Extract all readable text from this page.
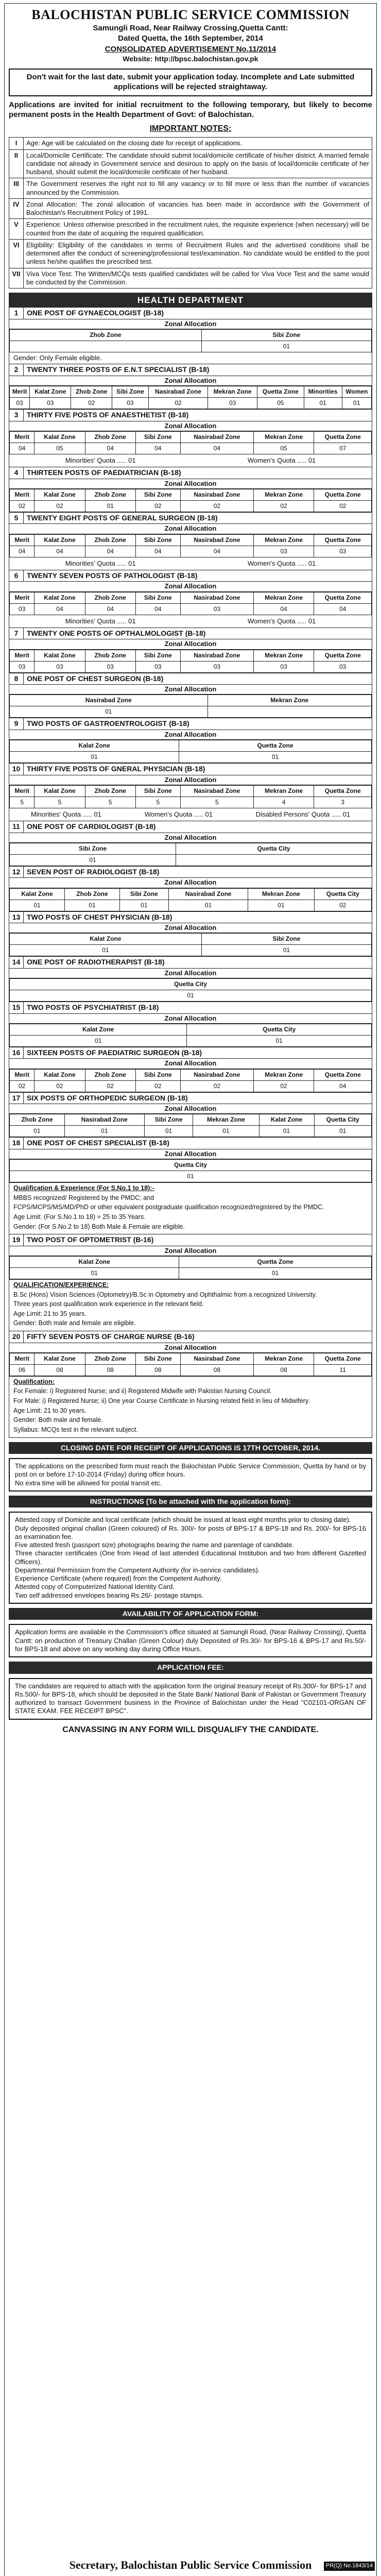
BALOCHISTAN PUBLIC SERVICE COMMISSION
Samungli Road, Near Railway Crossing,Quetta Cantt:
Dated Quetta, the 16th September, 2014
CONSOLIDATED ADVERTISEMENT No.11/2014
Website: http://bpsc.balochistan.gov.pk
Don't wait for the last date, submit your application today. Incomplete and Late submitted applications will be rejected straightaway.
Applications are invited for initial recruitment to the following temporary, but likely to become permanent posts in the Health Department of Govt: of Balochistan.
IMPORTANT NOTES:
I	Age: Age will be calculated on the closing date for receipt of applications.
II	Local/Domicile Certificate: The candidate should submit local/domicile certificate of his/her district. A married female candidate not already in Government service and desirous to apply on the basis of local/domicile certificate of her husband, should submit the local/domicile certificate of her husband.
III	The Government reserves the right not to fill any vacancy or to fill more or less than the number of vacancies announced by the Commission.
IV	Zonal Allocation: The zonal allocation of vacancies has been made in accordance with the Government of Balochistan's Recruitment Policy of 1991.
V	Experience: Unless otherwise prescribed in the recruitment rules, the requisite experience (when necessary) will be counted from the date of acquiring the required qualification.
VI	Eligibility: Eligibility of the candidates in terms of Recruitment Rules and the advertised conditions shall be determined after the conduct of screening/professional test/examination. No candidate would be entitled to the post unless he/she qualifies the prescribed test.
VII	Viva Voce Test: The Written/MCQs tests qualified candidates will be called for Viva Voce Test and the same would be conducted by the Commission.
HEALTH DEPARTMENT
1	ONE POST OF GYNAECOLOGIST (B-18)
Zonal Allocation
Zhob Zone	Sibi Zone
	01
Gender: Only Female eligible.
2	TWENTY THREE POSTS OF E.N.T SPECIALIST (B-18)
Zonal Allocation
Merit	Kalat Zone	Zhob Zone	Sibi Zone	Nasirabad Zone	Mekran Zone	Quetta Zone	Minorities	Women
03	03	02	03	02	03	05	01	01
3	THIRTY FIVE POSTS OF ANAESTHETIST (B-18)
Zonal Allocation
Merit	Kalat Zone	Zhob Zone	Sibi Zone	Nasirabad Zone	Mekran Zone	Quetta Zone
04	05	04	04	04	05	07
Minorities' Quota ..... 01	Women's Quota ..... 01
4	THIRTEEN POSTS OF PAEDIATRICIAN (B-18)
Zonal Allocation
Merit	Kalat Zone	Zhob Zone	Sibi Zone	Nasirabad Zone	Mekran Zone	Quetta Zone
02	02	01	02	02	02	02
5	TWENTY EIGHT POSTS OF GENERAL SURGEON (B-18)
Zonal Allocation
Merit	Kalat Zone	Zhob Zone	Sibi Zone	Nasirabad Zone	Mekran Zone	Quetta Zone
04	04	04	04	04	03	03
Minorities' Quota ..... 01	Women's Quota ..... 01
6	TWENTY SEVEN POSTS OF PATHOLOGIST (B-18)
Zonal Allocation
Merit	Kalat Zone	Zhob Zone	Sibi Zone	Nasirabad Zone	Mekran Zone	Quetta Zone
03	04	04	04	03	04	04
Minorities' Quota ..... 01	Women's Quota ..... 01
7	TWENTY ONE POSTS OF OPTHALMOLOGIST (B-18)
Zonal Allocation
Merit	Kalat Zone	Zhob Zone	Sibi Zone	Nasirabad Zone	Mekran Zone	Quetta Zone
03	03	03	03	03	03	03
8	ONE POST OF CHEST SURGEON (B-18)
Zonal Allocation
Nasirabad Zone	Mekran Zone
01	
9	TWO POSTS OF GASTROENTROLOGIST (B-18)
Zonal Allocation
Kalat Zone	Quetta Zone
01	01
10 THIRTY FIVE POSTS OF GNERAL PHYSICIAN (B-18)
Zonal Allocation
Merit	Kalat Zone	Zhob Zone	Sibi Zone	Nasirabad Zone	Mekran Zone	Quetta Zone
5	5	5	5	5	4	3
Minorities' Quota ..... 01	Women's Quota ..... 01	Disabled Persons' Quota ..... 01
11 ONE POST OF CARDIOLOGIST (B-18)
Zonal Allocation
Sibi Zone	Quetta City
01	
12 SEVEN POST OF RADIOLOGIST (B-18)
Zonal Allocation
Kalat Zone	Zhob Zone	Sibi Zone	Nasirabad Zone	Mekran Zone	Quetta City
01	01	01	01	01	02
13 TWO POSTS OF CHEST PHYSICIAN (B-18)
Zonal Allocation
Kalat Zone	Sibi Zone
01	01
14 ONE POST OF RADIOTHERAPIST (B-18)
Zonal Allocation
Quetta City
01
15 TWO POSTS OF PSYCHIATRIST (B-18)
Zonal Allocation
Kalat Zone	Quetta City
01	01
16 SIXTEEN POSTS OF PAEDIATRIC SURGEON (B-18)
Zonal Allocation
Merit	Kalat Zone	Zhob Zone	Sibi Zone	Nasirabad Zone	Mekran Zone	Quetta Zone
02	02	02	02	02	02	04
17 SIX POSTS OF ORTHOPEDIC SURGEON (B-18)
Zonal Allocation
Zhob Zone	Nasirabad Zone	Sibi Zone	Mekran Zone	Kalat Zone	Quetta City
01	01	01	01	01	01
18 ONE POST OF CHEST SPECIALIST (B-18)
Zonal Allocation
Quetta City
01

Qualification & Experience (For S.No.1 to 18):-

MBBS recognized/ Registered by the PMDC; and

FCPS/MCPS/MS/MD/PhD or other equivalent postgraduate qualification recognized/registered by the PMDC.

Age Limit: (For S.No.1 to 18) = 25 to 35 Years.

Gender: (For S.No.2 to 18) Both Male & Female are eligible.

19 TWO POST OF OPTOMETRIST (B-16)
Zonal Allocation
Kalat Zone	Quetta Zone
01	01

QUALIFICATION/EXPERIENCE:

B.Sc (Hons) Vision Sciences (Optometry)/B.Sc in Optometry and Ophthalmic from a recognized University.

Three years post qualification work experience in the relevant field.

Age Limit: 21 to 35 years.

Gender: Both male and female are eligible.

20 FIFTY SEVEN POSTS OF CHARGE NURSE (B-16)
Zonal Allocation
Merit	Kalat Zone	Zhob Zone	Sibi Zone	Nasirabad Zone	Mekran Zone	Quetta Zone
06	08	08	08	08	08	11

Qualification:

For Female: i) Registered Nurse; and ii) Registered Midwife with Pakistan Nursing Council.

For Male: i) Registered Nurse; ii) One year Course Certificate in Nursing related field in lieu of Midwifery.

Age Limit: 21 to 30 years.

Gender: Both male and female.

Syllabus: MCQs test in the relevant subject.

CLOSING DATE FOR RECEIPT OF APPLICATIONS IS 17TH OCTOBER, 2014.

The applications on the prescribed form must reach the Balochistan Public Service Commission, Quetta by hand or by post on or before 17-10-2014 (Friday) during office hours.

No extra time will be allowed for postal transit etc.

INSTRUCTIONS (To be attached with the application form):

Attested copy of Domicile and local certificate (which should be issued at least eight months prior to closing date).

Duly deposited original challan (Green coloured) of Rs. 300/- for posts of BPS-17 & BPS-18 and Rs. 200/- for BPS-16 as examination fee.

Five attested fresh (passport size) photographs bearing the name and parentage of candidate.

Three character certificates (One from Head of last attended Educational Institution and two from different Gazetted Officers).

Departmental Permission from the Competent Authority (for in-service candidates).

Experience Certificate (where required) from the Competent Authority.

Attested copy of Computerized National Identity Card.

Two self addressed envelopes bearing Rs.26/- postage stamps.

AVAILABILITY OF APPLICATION FORM:
Application forms are available in the Commission's office situated at Samungli Road, (Near Railway Crossing), Quetta Cantt: on production of Treasury Challan (Green Colour) duly Deposited of Rs.30/- for BPS-16 & BPS-17 and Rs.50/- for BPS-18 and above on any working day during Office Hours.
APPLICATION FEE:
The candidates are required to attach with the application form the original treasury receipt of Rs.300/- for BPS-17 and Rs.500/- for BPS-18, which should be deposited in the State Bank/ National Bank of Pakistan or Government Treasury authorized to transact Government business in the Province of Balochistan under the Head "C02101-ORGAN OF STATE EXAM. FEE RECEIPT BPSC".
CANVASSING IN ANY FORM WILL DISQUALIFY THE CANDIDATE.
Secretary, Balochistan Public Service Commission	PR(Q) No.1843/14
